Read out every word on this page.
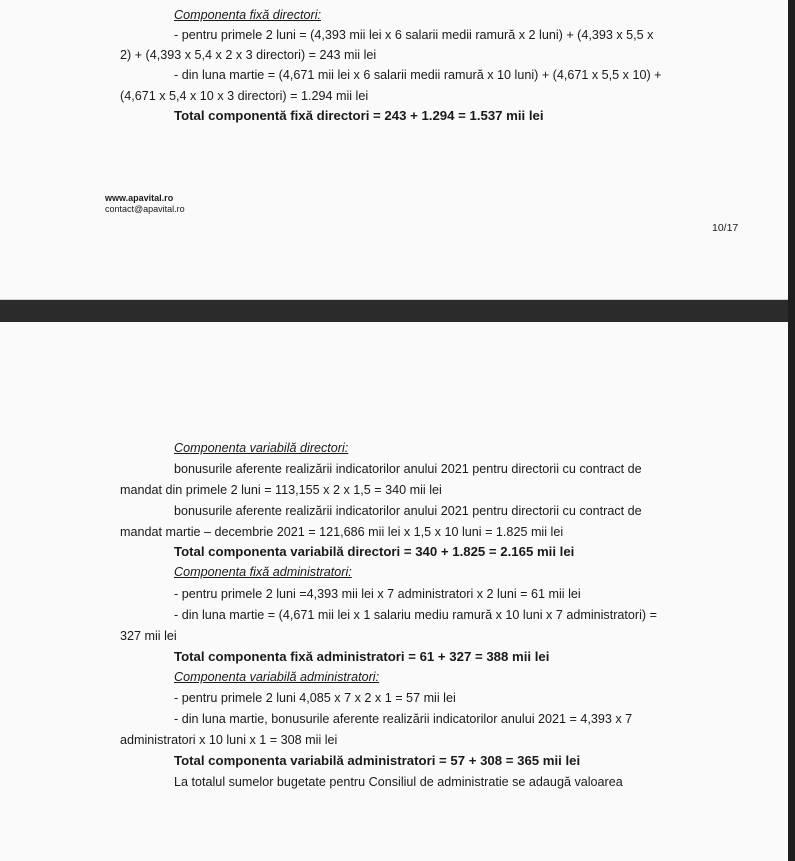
Componenta fixă directori:
- pentru primele 2 luni = (4,393 mii lei x 6 salarii medii ramură x 2 luni) + (4,393 x 5,5 x
2) + (4,393 x 5,4 x 2 x 3 directori) = 243 mii lei
- din luna martie = (4,671 mii lei x 6 salarii medii ramură x 10 luni) + (4,671 x 5,5 x 10) +
(4,671 x 5,4 x 10 x 3 directori) = 1.294 mii lei
Total componentă fixă directori = 243 + 1.294 = 1.537 mii lei
www.apavital.ro
contact@apavital.ro
10/17
Componenta variabilă directori:
bonusurile aferente realizării indicatorilor anului 2021 pentru directorii cu contract de
mandat din primele 2 luni = 113,155 x 2 x 1,5 = 340 mii lei
bonusurile aferente realizării indicatorilor anului 2021 pentru directorii cu contract de
mandat martie – decembrie 2021 = 121,686 mii lei x 1,5 x 10 luni = 1.825 mii lei
Total componenta variabilă directori = 340 + 1.825 = 2.165 mii lei
Componenta fixă administratori:
- pentru primele 2 luni =4,393 mii lei x 7 administratori x 2 luni = 61 mii lei
- din luna martie = (4,671 mii lei x 1 salariu mediu ramură x 10 luni x 7 administratori) =
327 mii lei
Total componenta fixă administratori = 61 + 327 = 388 mii lei
Componenta variabilă administratori:
- pentru primele 2 luni 4,085 x 7 x 2 x 1 = 57 mii lei
- din luna martie, bonusurile aferente realizării indicatorilor anului 2021 = 4,393 x 7
administratori x 10 luni x 1 = 308 mii lei
Total componenta variabilă administratori = 57 + 308 = 365 mii lei
La totalul sumelor bugetate pentru Consiliul de administratie se adaugă valoarea
